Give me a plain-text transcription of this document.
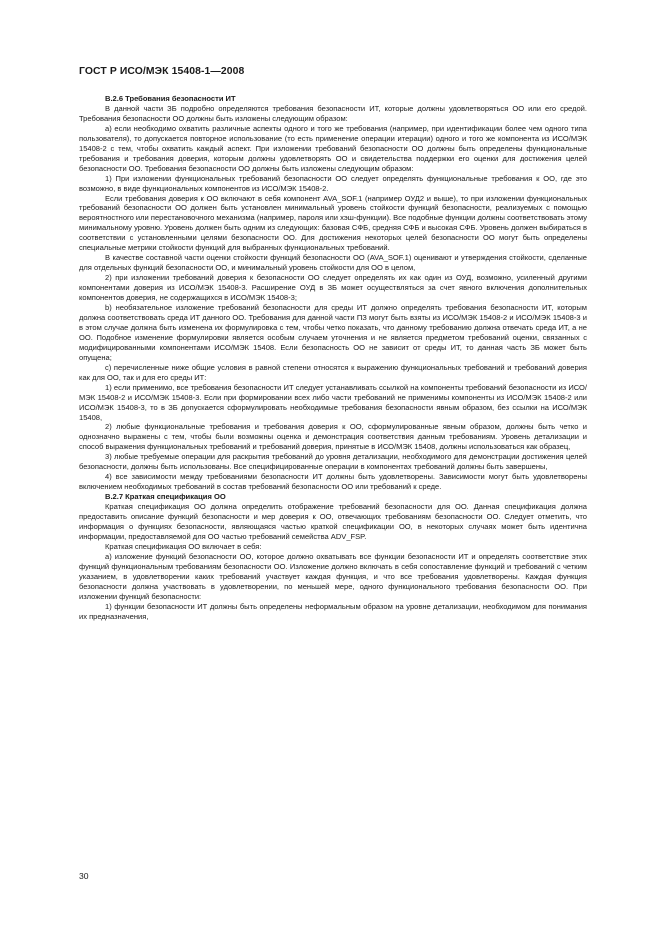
ГОСТ Р ИСО/МЭК 15408-1—2008

B.2.6 Требования безопасности ИТ

В данной части ЗБ подробно определяются требования безопасности ИТ, которые должны удовлетворяться ОО или его средой. Требования безопасности ОО должны быть изложены следующим образом:

а) если необходимо охватить различные аспекты одного и того же требования (например, при идентификации более чем одного типа пользователя), то допускается повторное использование (то есть применение операции итерации) одного и того же компонента из ИСО/МЭК 15408-2 с тем, чтобы охватить каждый аспект. При изложении требований безопасности ОО должны быть определены функциональные требования и требования доверия, которым должны удовлетворять ОО и свидетельства поддержки его оценки для достижения целей безопасности ОО. Требования безопасности ОО должны быть изложены следующим образом:

1) При изложении функциональных требований безопасности ОО следует определять функциональные требования к ОО, где это возможно, в виде функциональных компонентов из ИСО/МЭК 15408-2.

Если требования доверия к ОО включают в себя компонент AVA_SOF.1 (например ОУД2 и выше), то при изложении функциональных требований безопасности ОО должен быть установлен минимальный уровень стойкости функций безопасности, реализуемых с помощью вероятностного или перестановочного механизма (например, пароля или хэш-функции). Все подобные функции должны соответствовать этому минимальному уровню. Уровень должен быть одним из следующих: базовая СФБ, средняя СФБ и высокая СФБ. Уровень должен выбираться в соответствии с установленными целями безопасности ОО. Для достижения некоторых целей безопасности ОО могут быть определены специальные метрики стойкости функций для выбранных функциональных требований.

В качестве составной части оценки стойкости функций безопасности ОО (AVA_SOF.1) оценивают и утверждения стойкости, сделанные для отдельных функций безопасности ОО, и минимальный уровень стойкости для ОО в целом,

2) при изложении требований доверия к безопасности ОО следует определять их как один из ОУД, возможно, усиленный другими компонентами доверия из ИСО/МЭК 15408-3. Расширение ОУД в ЗБ может осуществляться за счет явного включения дополнительных компонентов доверия, не содержащихся в ИСО/МЭК 15408-3;

b) необязательное изложение требований безопасности для среды ИТ должно определять требования безопасности ИТ, которым должна соответствовать среда ИТ данного ОО. Требования для данной части ПЗ могут быть взяты из ИСО/МЭК 15408-2 и ИСО/МЭК 15408-3 и в этом случае должна быть изменена их формулировка с тем, чтобы четко показать, что данному требованию должна отвечать среда ИТ, а не ОО. Подобное изменение формулировки является особым случаем уточнения и не является предметом требований оценки, связанных с модифицированными компонентами ИСО/МЭК 15408. Если безопасность ОО не зависит от среды ИТ, то данная часть ЗБ может быть опущена;

с) перечисленные ниже общие условия в равной степени относятся к выражению функциональных требований и требований доверия как для ОО, так и для его среды ИТ:

1) если применимо, все требования безопасности ИТ следует устанавливать ссылкой на компоненты требований безопасности из ИСО/МЭК 15408-2 и ИСО/МЭК 15408-3. Если при формировании всех либо части требований не применимы компоненты из ИСО/МЭК 15408-2 или ИСО/МЭК 15408-3, то в ЗБ допускается сформулировать необходимые требования безопасности явным образом, без ссылки на ИСО/МЭК 15408,

2) любые функциональные требования и требования доверия к ОО, сформулированные явным образом, должны быть четко и однозначно выражены с тем, чтобы были возможны оценка и демонстрация соответствия данным требованиям. Уровень детализации и способ выражения функциональных требований и требований доверия, принятые в ИСО/МЭК 15408, должны использоваться как образец,

3) любые требуемые операции для раскрытия требований до уровня детализации, необходимого для демонстрации достижения целей безопасности, должны быть использованы. Все специфицированные операции в компонентах требований должны быть завершены,

4) все зависимости между требованиями безопасности ИТ должны быть удовлетворены. Зависимости могут быть удовлетворены включением необходимых требований в состав требований безопасности ОО или требований к среде.

B.2.7 Краткая спецификация ОО

Краткая спецификация ОО должна определить отображение требований безопасности для ОО. Данная спецификация должна предоставить описание функций безопасности и мер доверия к ОО, отвечающих требованиям безопасности ОО. Следует отметить, что информация о функциях безопасности, являющаяся частью краткой спецификации ОО, в некоторых случаях может быть идентична информации, предоставляемой для ОО частью требований семейства ADV_FSP.

Краткая спецификация ОО включает в себя:

а) изложение функций безопасности ОО, которое должно охватывать все функции безопасности ИТ и определять соответствие этих функций функциональным требованиям безопасности ОО. Изложение должно включать в себя сопоставление функций и требований с четким указанием, в удовлетворении каких требований участвует каждая функция, и что все требования удовлетворены. Каждая функция безопасности должна участвовать в удовлетворении, по меньшей мере, одного функционального требования безопасности ОО. При изложении функций безопасности:

1) функции безопасности ИТ должны быть определены неформальным образом на уровне детализации, необходимом для понимания их предназначения,

30
